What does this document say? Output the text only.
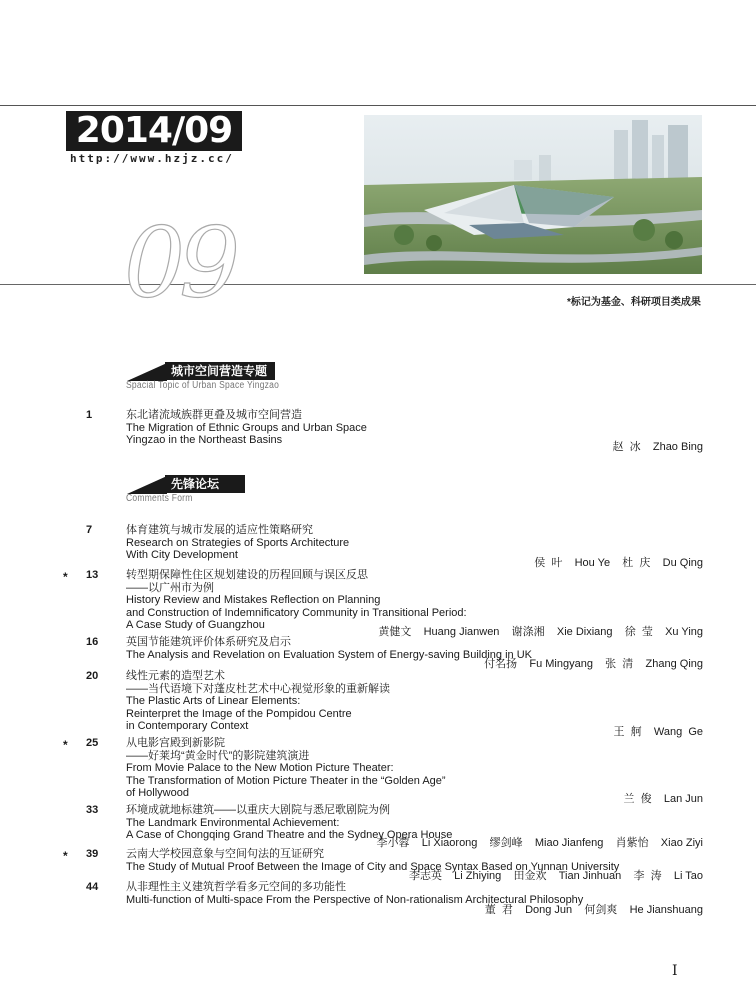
2014/09
http://www.hzjz.cc/
09	*标记为基金、科研项目类成果
城市空间营造专题
Spacial Topic of Urban Space Yingzao
先锋论坛
Comments Form
1	东北诸流域族群更叠及城市空间营造
The Migration of Ethnic Groups and Urban Space
Yingzao in the Northeast Basins
赵  冰    Zhao Bing
7	体育建筑与城市发展的适应性策略研究
Research on Strategies of Sports Architecture
With City Development
侯  叶    Hou Ye    杜  庆    Du Qing
* 13	转型期保障性住区规划建设的历程回顾与误区反思
——以广州市为例
History Review and Mistakes Reflection on Planning
and Construction of Indemnificatory Community in Transitional Period:
A Case Study of Guangzhou
黄健文    Huang Jianwen    谢涤湘    Xie Dixiang    徐  莹    Xu Ying
16	英国节能建筑评价体系研究及启示
The Analysis and Revelation on Evaluation System of Energy-saving Building in UK
付名扬    Fu Mingyang    张  清    Zhang Qing
20	线性元素的造型艺术
——当代语境下对蓬皮杜艺术中心视觉形象的重新解读
The Plastic Arts of Linear Elements:
Reinterpret the Image of the Pompidou Centre
in Contemporary Context	王  舸    Wang  Ge
* 25	从电影宫殿到新影院
——好莱坞“黄金时代”的影院建筑演进
From Movie Palace to the New Motion Picture Theater:
The Transformation of Motion Picture Theater in the “Golden Age”
of Hollywood	兰  俊    Lan Jun
33	环境成就地标建筑——以重庆大剧院与悉尼歌剧院为例
The Landmark Environmental Achievement:
A Case of Chongqing Grand Theatre and the Sydney Opera House
李小蓉    Li Xiaorong    缪剑峰    Miao Jianfeng    肖紫怡    Xiao Ziyi
* 39	云南大学校园意象与空间句法的互证研究
The Study of Mutual Proof Between the Image of City and Space Syntax Based on Yunnan University
李志英    Li Zhiying    田金欢    Tian Jinhuan    李  涛    Li Tao
44	从非理性主义建筑哲学看多元空间的多功能性
Multi-function of Multi-space From the Perspective of Non-rationalism Architectural Philosophy
董  君    Dong Jun    何剑爽    He Jianshuang
I
